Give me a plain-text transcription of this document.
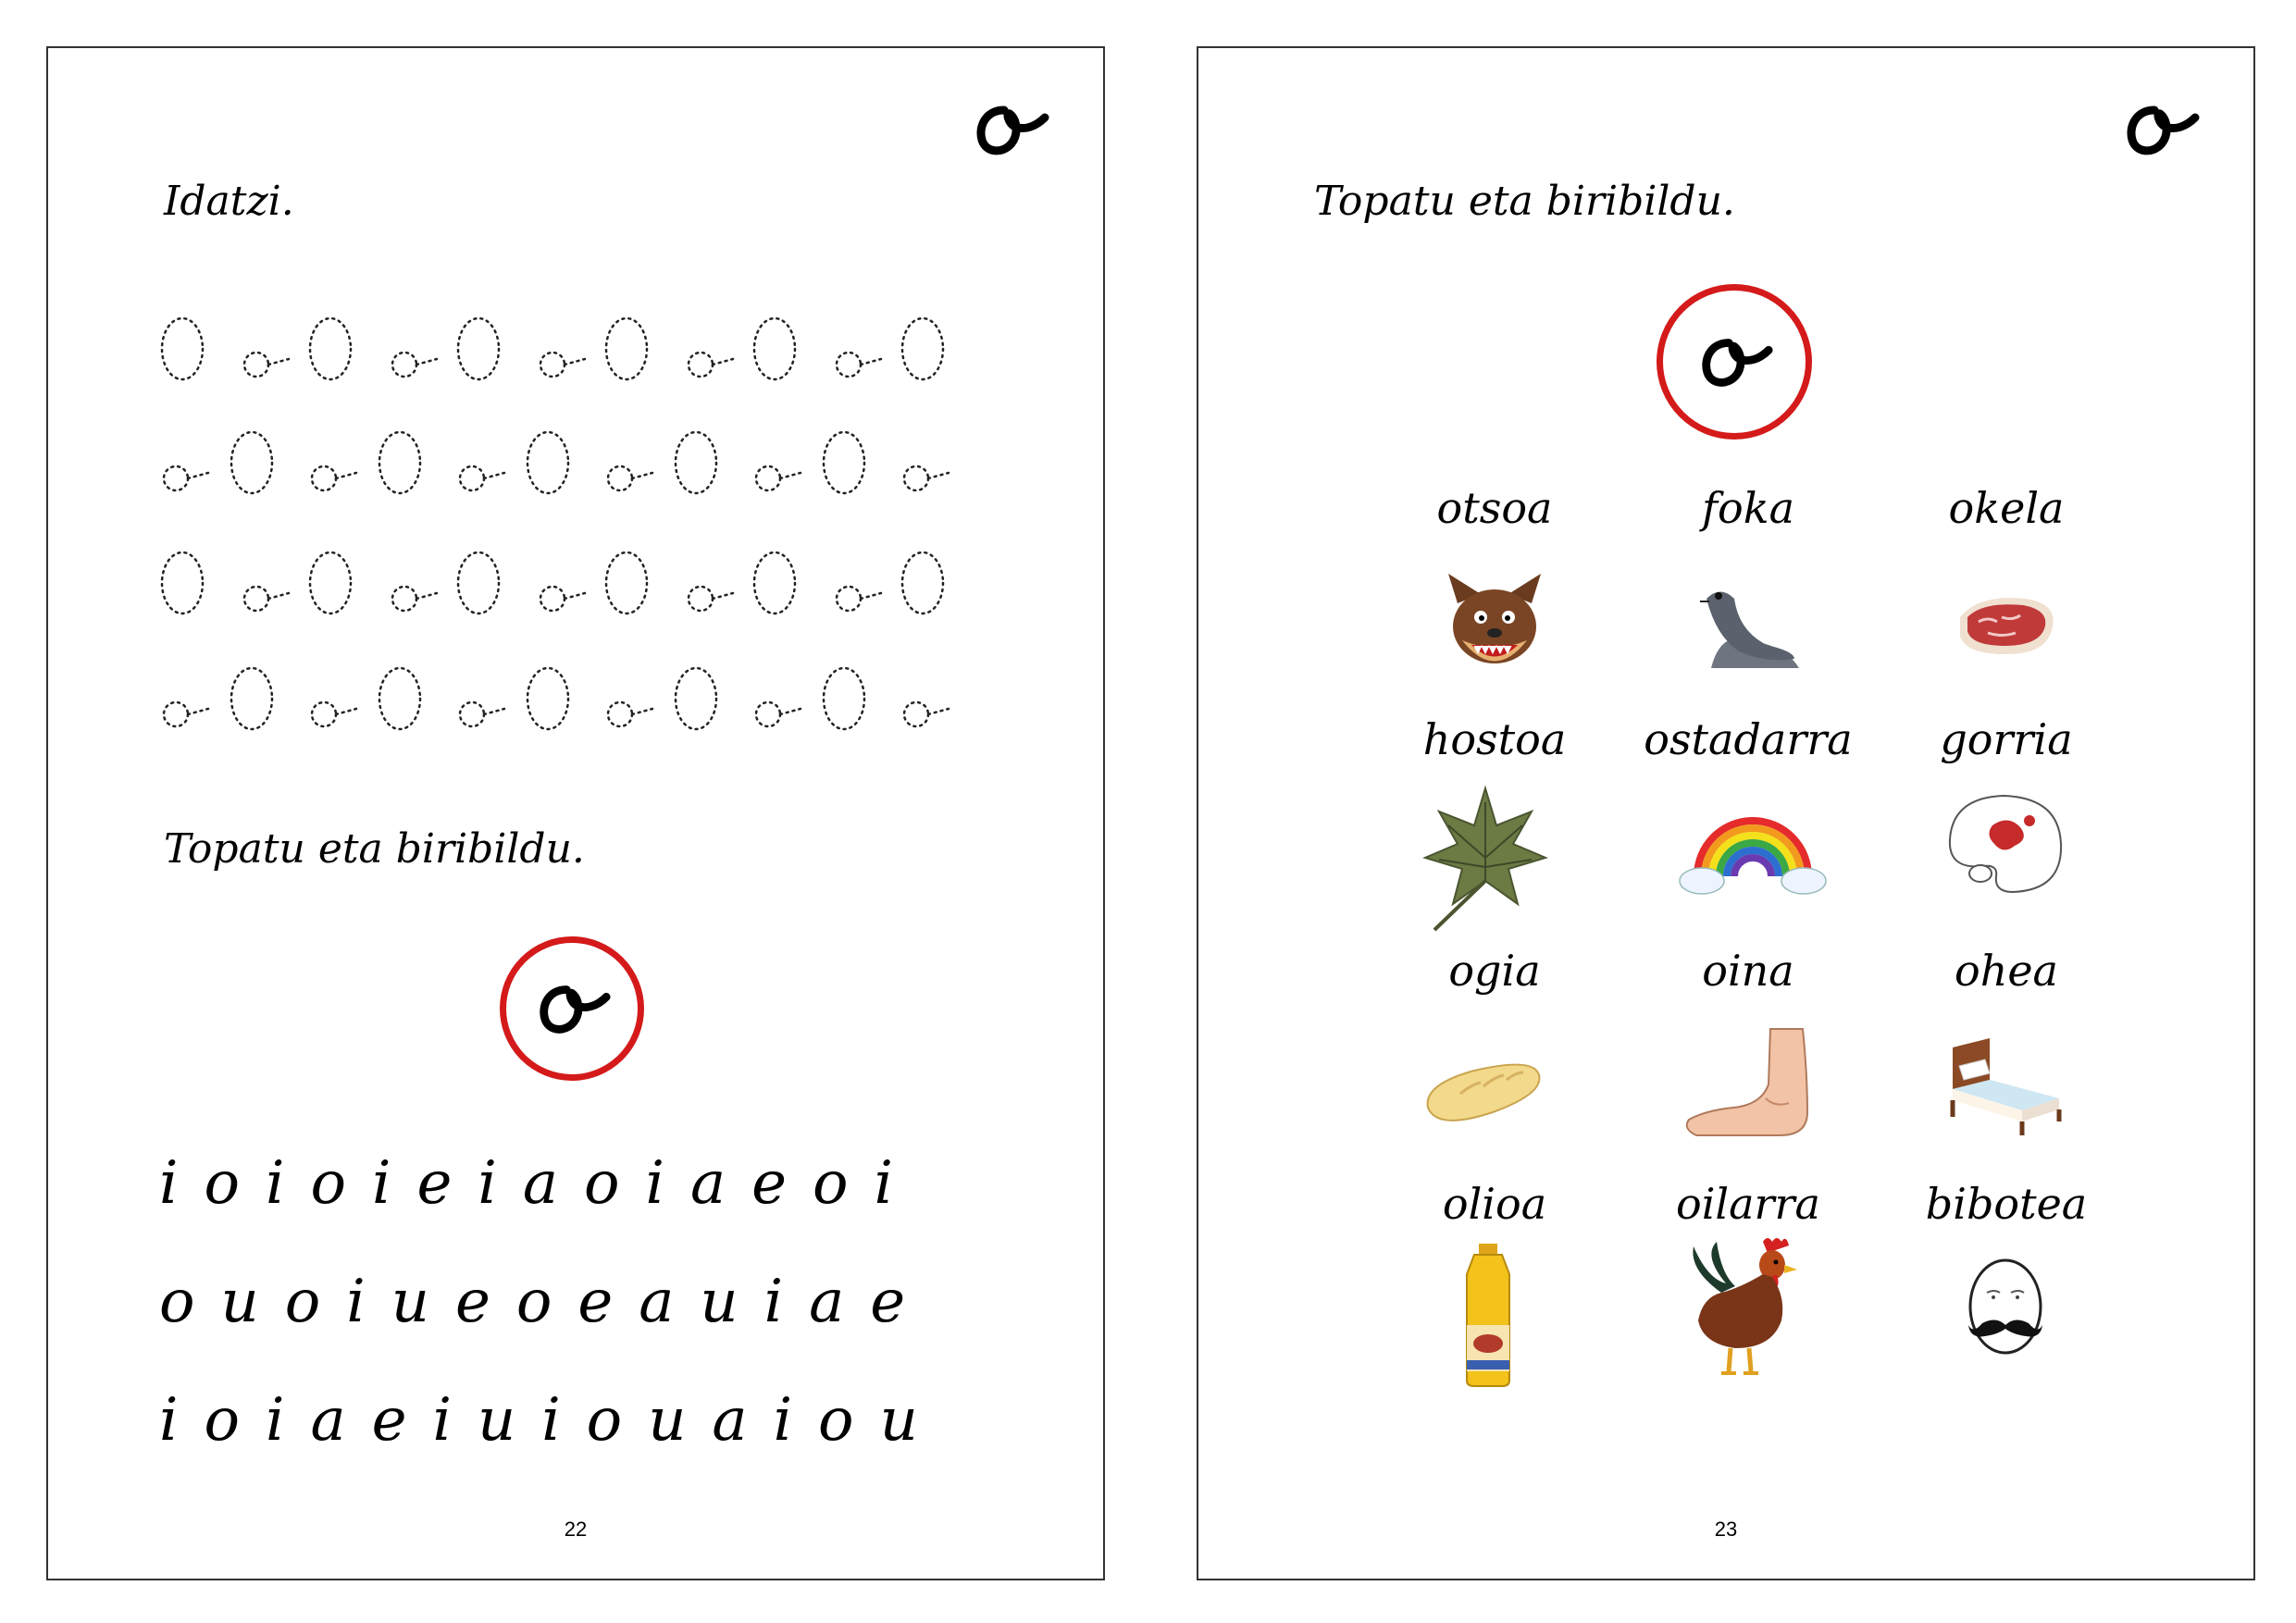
Idatzi.
Topatu eta biribildu.
i o i o i e i a o i a e o i
o u o i u e o e a u i a e
i o i a e i u i o u a i o u
22
Topatu eta biribildu.
otsoa	foka	okela
hostoa	ostadarra	gorria
ogia	oina	ohea
olioa	oilarra	bibotea
23
